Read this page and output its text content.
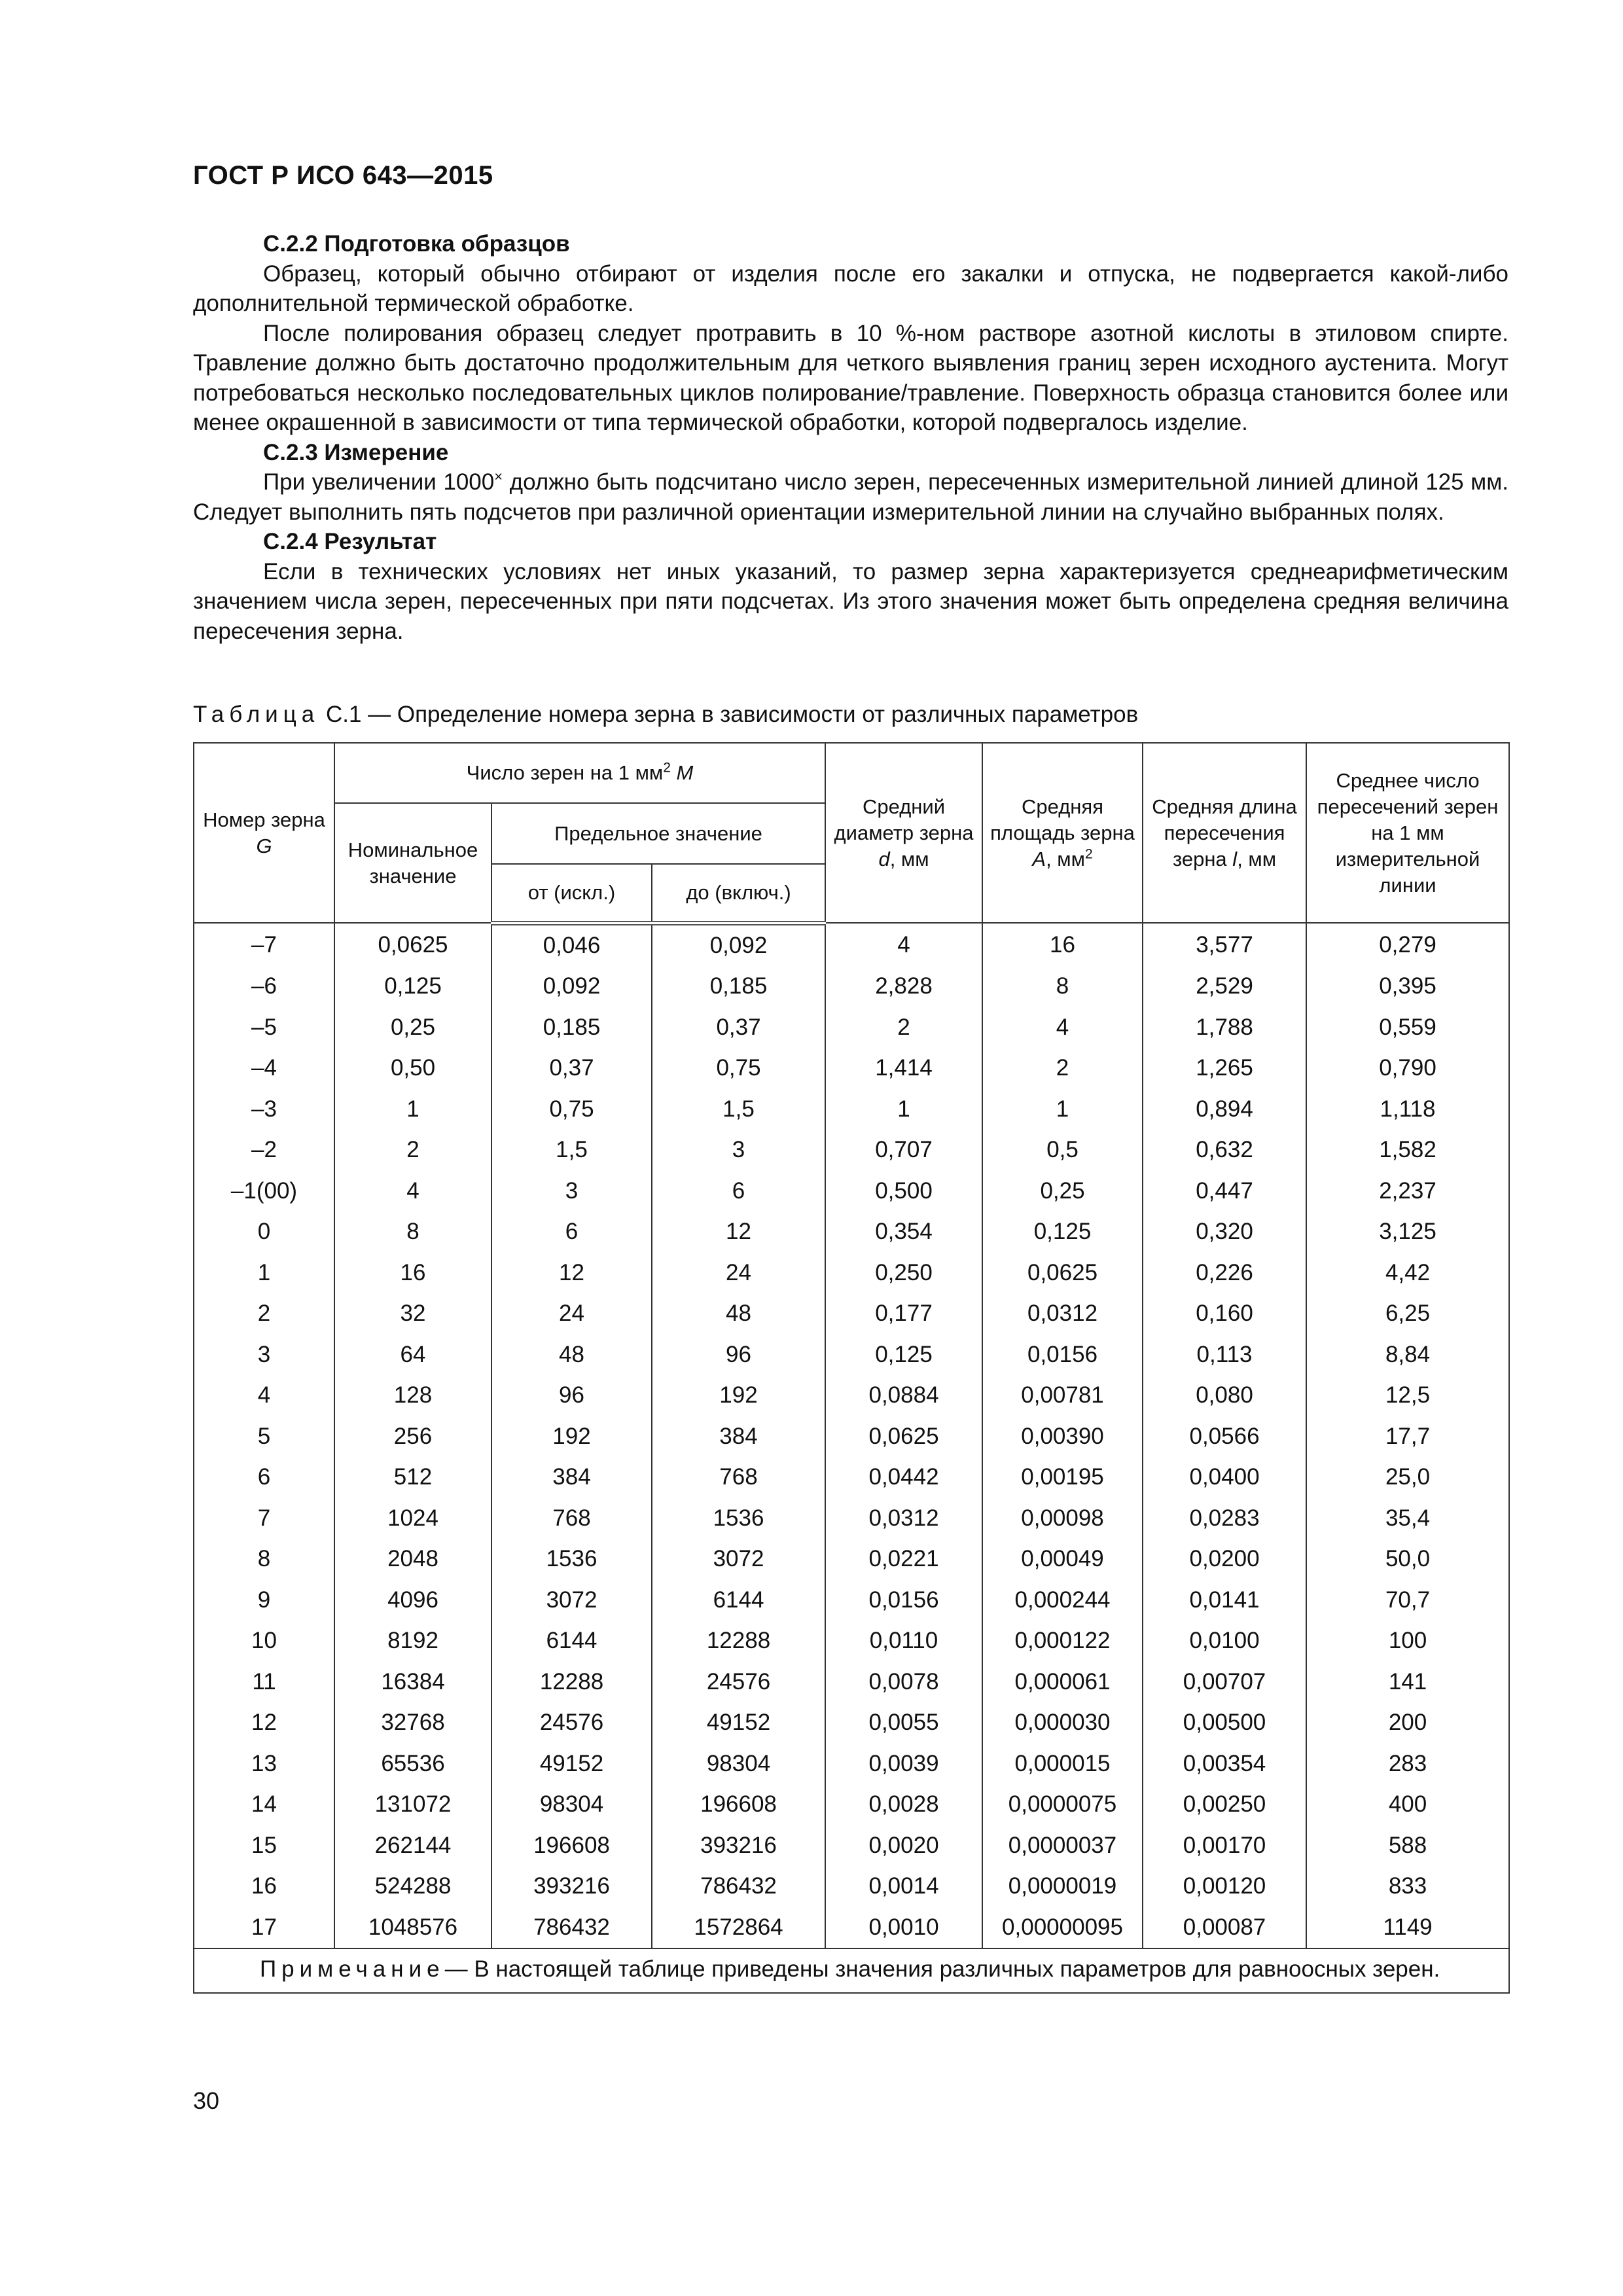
ГОСТ Р ИСО 643—2015
С.2.2 Подготовка образцов

Образец, который обычно отбирают от изделия после его закалки и отпуска, не подвергается какой-либо дополнительной термической обработке.

После полирования образец следует протравить в 10 %-ном растворе азотной кислоты в этиловом спирте. Травление должно быть достаточно продолжительным для четкого выявления границ зерен исходного аустенита. Могут потребоваться несколько последовательных циклов полирование/травление. Поверхность образца становится более или менее окрашенной в зависимости от типа термической обработки, которой подвергалось изделие.

С.2.3 Измерение

При увеличении 1000× должно быть подсчитано число зерен, пересеченных измерительной линией длиной 125 мм. Следует выполнить пять подсчетов при различной ориентации измерительной линии на случайно выбранных полях.

С.2.4 Результат

Если в технических условиях нет иных указаний, то размер зерна характеризуется среднеарифметическим значением числа зерен, пересеченных при пяти подсчетах. Из этого значения может быть определена средняя величина пересечения зерна.

Таблица С.1 — Определение номера зерна в зависимости от различных параметров
Номер зерна G	Число зерен на 1 $мм^2$ M			Средний диаметр зерна d, мм	Средняя площадь зерна A, $мм^2$	Средняя длина пересечения зерна l, мм	Среднее число пересечений зерен на 1 мм измерительной линии
	Номинальное значение	Предельное значение					
		от (искл.)	до (включ.)				
–7	0,0625	0,046	0,092	4	16	3,577	0,279
–6	0,125	0,092	0,185	2,828	8	2,529	0,395
–5	0,25	0,185	0,37	2	4	1,788	0,559
–4	0,50	0,37	0,75	1,414	2	1,265	0,790
–3	1	0,75	1,5	1	1	0,894	1,118
–2	2	1,5	3	0,707	0,5	0,632	1,582
–1(00)	4	3	6	0,500	0,25	0,447	2,237
0	8	6	12	0,354	0,125	0,320	3,125
1	16	12	24	0,250	0,0625	0,226	4,42
2	32	24	48	0,177	0,0312	0,160	6,25
3	64	48	96	0,125	0,0156	0,113	8,84
4	128	96	192	0,0884	0,00781	0,080	12,5
5	256	192	384	0,0625	0,00390	0,0566	17,7
6	512	384	768	0,0442	0,00195	0,0400	25,0
7	1024	768	1536	0,0312	0,00098	0,0283	35,4
8	2048	1536	3072	0,0221	0,00049	0,0200	50,0
9	4096	3072	6144	0,0156	0,000244	0,0141	70,7
10	8192	6144	12288	0,0110	0,000122	0,0100	100
11	16384	12288	24576	0,0078	0,000061	0,00707	141
12	32768	24576	49152	0,0055	0,000030	0,00500	200
13	65536	49152	98304	0,0039	0,000015	0,00354	283
14	131072	98304	196608	0,0028	0,0000075	0,00250	400
15	262144	196608	393216	0,0020	0,0000037	0,00170	588
16	524288	393216	786432	0,0014	0,0000019	0,00120	833
17	1048576	786432	1572864	0,0010	0,00000095	0,00087	1149
Примечание— В настоящей таблице приведены значения различных параметров для равноосных зерен.							
30
